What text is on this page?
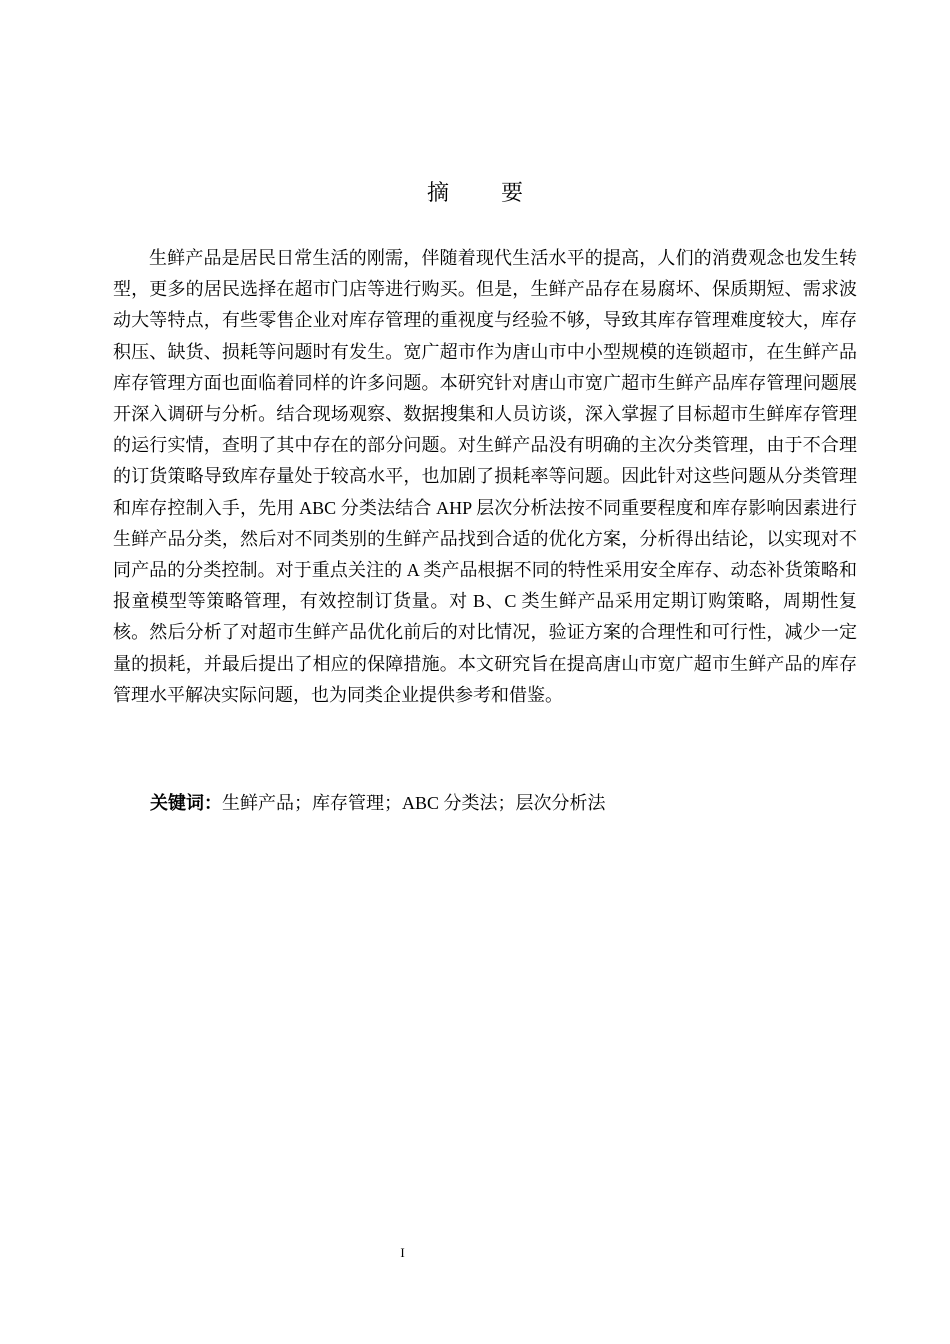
摘 要

生鲜产品是居民日常生活的刚需，伴随着现代生活水平的提高，人们的消费观念也发生转型，更多的居民选择在超市门店等进行购买。但是，生鲜产品存在易腐坏、保质期短、需求波动大等特点，有些零售企业对库存管理的重视度与经验不够，导致其库存管理难度较大，库存积压、缺货、损耗等问题时有发生。宽广超市作为唐山市中小型规模的连锁超市，在生鲜产品库存管理方面也面临着同样的许多问题。本研究针对唐山市宽广超市生鲜产品库存管理问题展开深入调研与分析。结合现场观察、数据搜集和人员访谈，深入掌握了目标超市生鲜库存管理的运行实情，查明了其中存在的部分问题。对生鲜产品没有明确的主次分类管理，由于不合理的订货策略导致库存量处于较高水平，也加剧了损耗率等问题。因此针对这些问题从分类管理和库存控制入手，先用 ABC 分类法结合 AHP 层次分析法按不同重要程度和库存影响因素进行生鲜产品分类，然后对不同类别的生鲜产品找到合适的优化方案，分析得出结论，以实现对不同产品的分类控制。对于重点关注的 A 类产品根据不同的特性采用安全库存、动态补货策略和报童模型等策略管理，有效控制订货量。对 B、C 类生鲜产品采用定期订购策略，周期性复核。然后分析了对超市生鲜产品优化前后的对比情况，验证方案的合理性和可行性，减少一定量的损耗，并最后提出了相应的保障措施。本文研究旨在提高唐山市宽广超市生鲜产品的库存管理水平解决实际问题，也为同类企业提供参考和借鉴。

关键词：生鲜产品；库存管理；ABC 分类法；层次分析法

I
